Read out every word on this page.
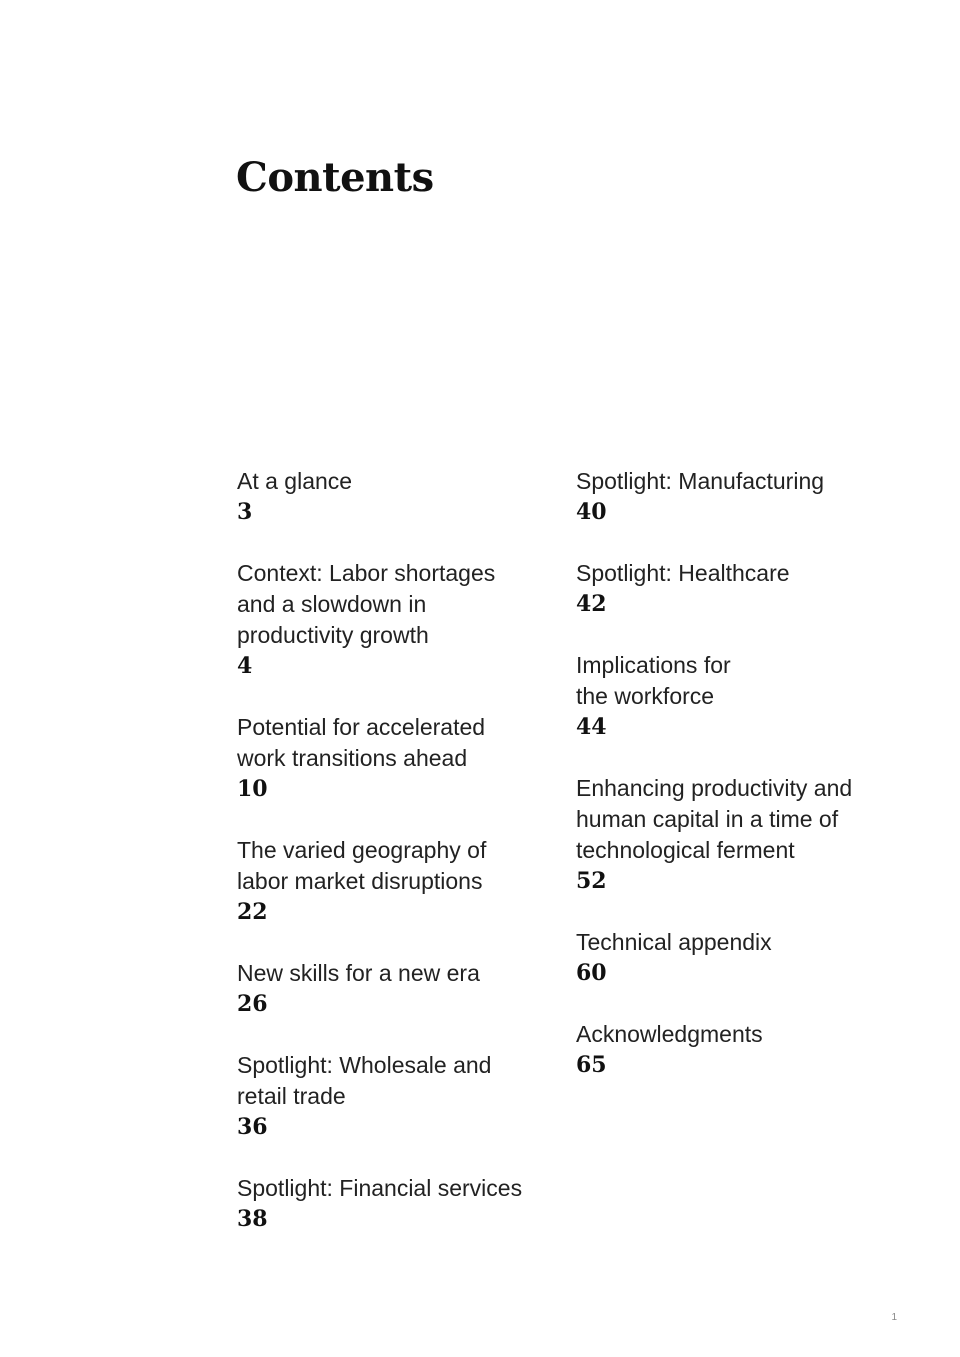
Contents
At a glance
3
Context: Labor shortages
and a slowdown in
productivity growth
4
Potential for accelerated
work transitions ahead
10
The varied geography of
labor market disruptions
22
New skills for a new era
26
Spotlight: Wholesale and
retail trade
36
Spotlight: Financial services
38
Spotlight: Manufacturing
40
Spotlight: Healthcare
42
Implications for
the workforce
44
Enhancing productivity and
human capital in a time of
technological ferment
52
Technical appendix
60
Acknowledgments
65
1
